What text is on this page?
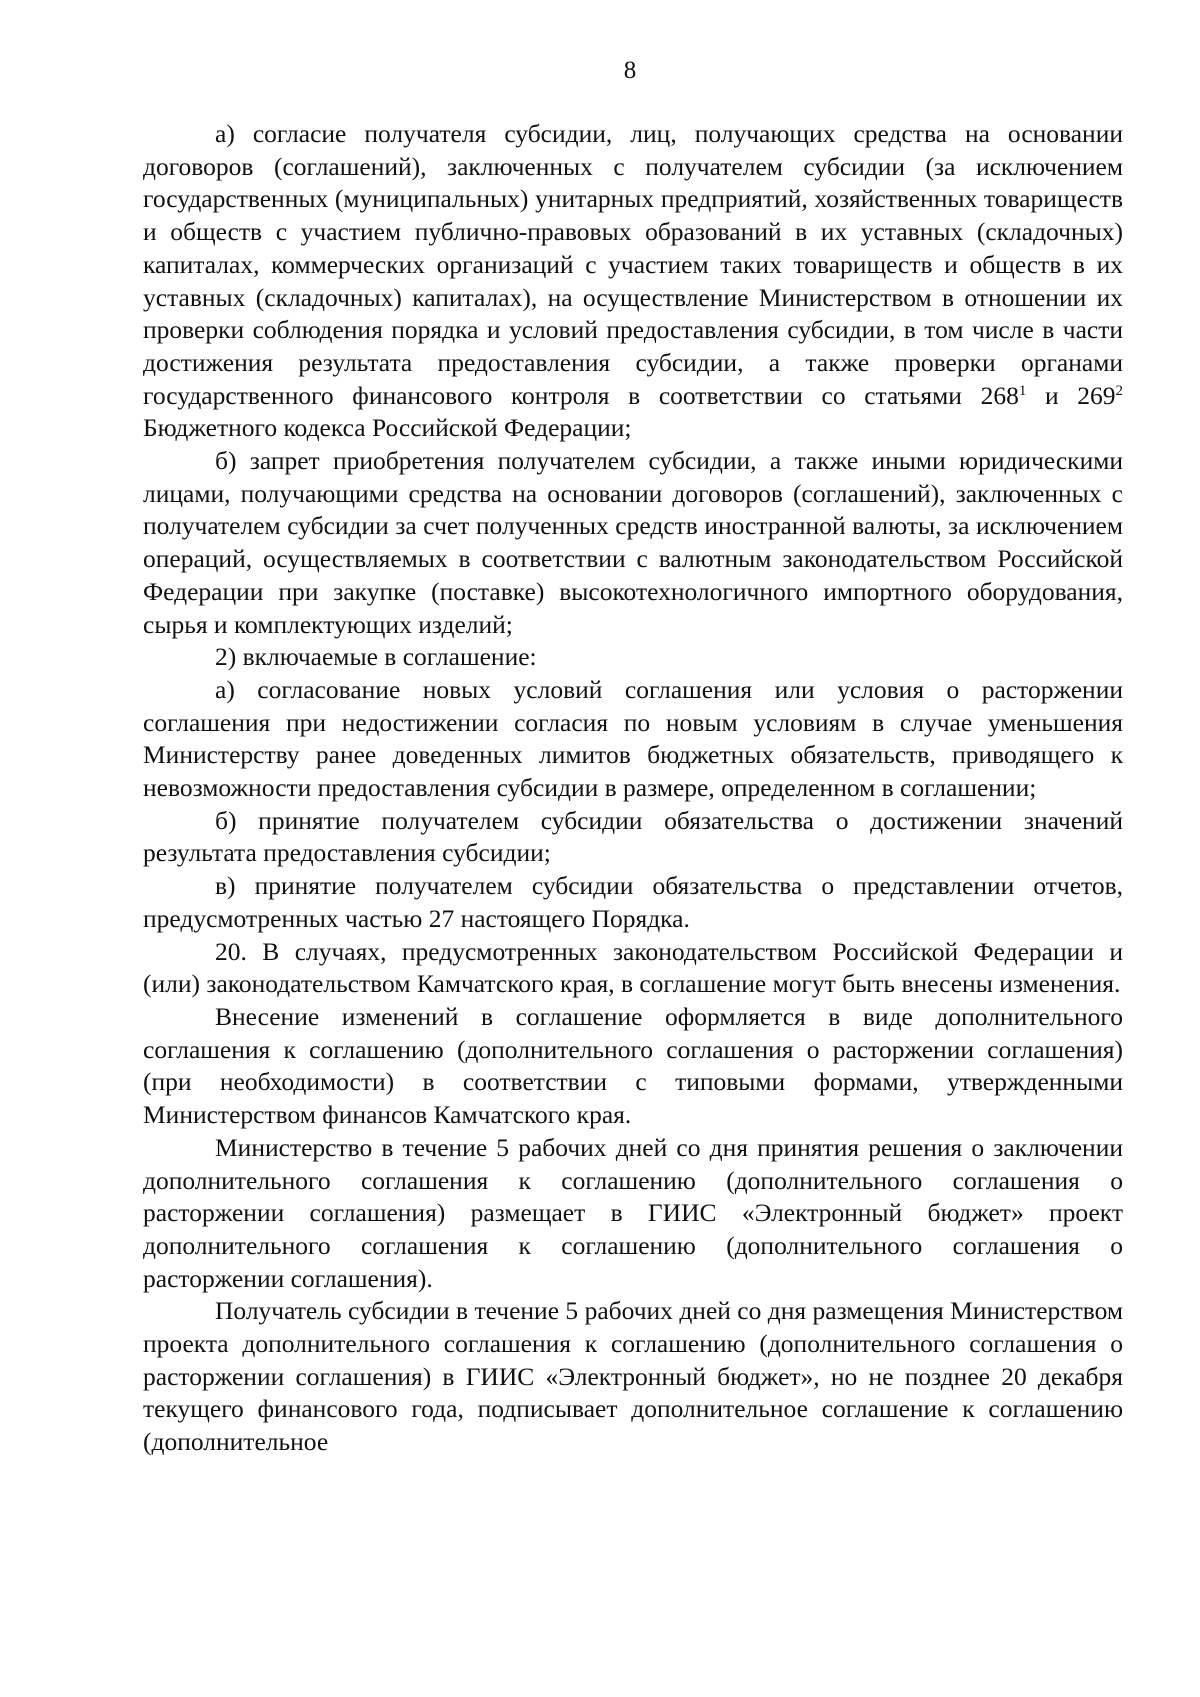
8

а) согласие получателя субсидии, лиц, получающих средства на основании договоров (соглашений), заключенных с получателем субсидии (за исключением государственных (муниципальных) унитарных предприятий, хозяйственных товариществ и обществ с участием публично-правовых образований в их уставных (складочных) капиталах, коммерческих организаций с участием таких товариществ и обществ в их уставных (складочных) капиталах), на осуществление Министерством в отношении их проверки соблюдения порядка и условий предоставления субсидии, в том числе в части достижения результата предоставления субсидии, а также проверки органами государственного финансового контроля в соответствии со статьями $268^1$ и $269^2$ Бюджетного кодекса Российской Федерации;

б) запрет приобретения получателем субсидии, а также иными юридическими лицами, получающими средства на основании договоров (соглашений), заключенных с получателем субсидии за счет полученных средств иностранной валюты, за исключением операций, осуществляемых в соответствии с валютным законодательством Российской Федерации при закупке (поставке) высокотехнологичного импортного оборудования, сырья и комплектующих изделий;

2) включаемые в соглашение:

а) согласование новых условий соглашения или условия о расторжении соглашения при недостижении согласия по новым условиям в случае уменьшения Министерству ранее доведенных лимитов бюджетных обязательств, приводящего к невозможности предоставления субсидии в размере, определенном в соглашении;

б) принятие получателем субсидии обязательства о достижении значений результата предоставления субсидии;

в) принятие получателем субсидии обязательства о представлении отчетов, предусмотренных частью 27 настоящего Порядка.

20. В случаях, предусмотренных законодательством Российской Федерации и (или) законодательством Камчатского края, в соглашение могут быть внесены изменения.

Внесение изменений в соглашение оформляется в виде дополнительного соглашения к соглашению (дополнительного соглашения о расторжении соглашения) (при необходимости) в соответствии с типовыми формами, утвержденными Министерством финансов Камчатского края.

Министерство в течение 5 рабочих дней со дня принятия решения о заключении дополнительного соглашения к соглашению (дополнительного соглашения о расторжении соглашения) размещает в ГИИС «Электронный бюджет» проект дополнительного соглашения к соглашению (дополнительного соглашения о расторжении соглашения).

Получатель субсидии в течение 5 рабочих дней со дня размещения Министерством проекта дополнительного соглашения к соглашению (дополнительного соглашения о расторжении соглашения) в ГИИС «Электронный бюджет», но не позднее 20 декабря текущего финансового года, подписывает дополнительное соглашение к соглашению (дополнительное
